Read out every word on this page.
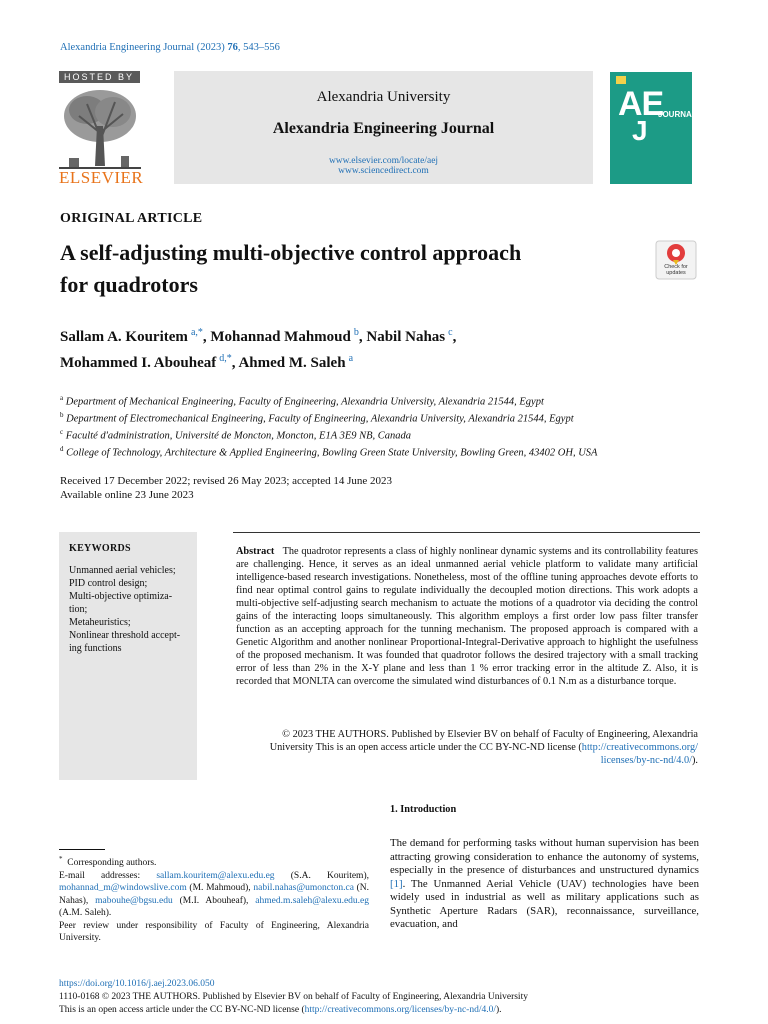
Alexandria Engineering Journal (2023) 76, 543–556
HOSTED BY
ELSEVIER
Alexandria University
Alexandria Engineering Journal
www.elsevier.com/locate/aej
www.sciencedirect.com
AE
J
JOURNAL
ORIGINAL ARTICLE
A self-adjusting multi-objective control approach
for quadrotors
Check for
updates
Sallam A. Kouritem  $^{a,*}$, Mohannad Mahmoud  $^b$, Nabil Nahas  $^c$,
Mohammed I. Abouheaf  $^{d,*}$, Ahmed M. Saleh  $^a$
$^a$ Department of Mechanical Engineering, Faculty of Engineering, Alexandria University, Alexandria 21544, Egypt
$^b$ Department of Electromechanical Engineering, Faculty of Engineering, Alexandria University, Alexandria 21544, Egypt
$^c$ Faculté d'administration, Université de Moncton, Moncton, E1A 3E9 NB, Canada
$^d$ College of Technology, Architecture & Applied Engineering, Bowling Green State University, Bowling Green, 43402 OH, USA
Received 17 December 2022; revised 26 May 2023; accepted 14 June 2023
Available online 23 June 2023
KEYWORDS
Unmanned aerial vehicles;
PID control design;
Multi-objective optimiza-
tion;
Metaheuristics;
Nonlinear threshold accept-
ing functions
Abstract The quadrotor represents a class of highly nonlinear dynamic systems and its controllability features are challenging. Hence, it serves as an ideal unmanned aerial vehicle platform to validate many artificial intelligence-based research investigations. Nonetheless, most of the offline tuning approaches devote efforts to find near optimal control gains to regulate individually the decoupled motion directions. This work adopts a multi-objective self-adjusting search mechanism to actuate the motions of a quadrotor via deciding the control gains of the interacting loops simultaneously. This algorithm employs a first order low pass filter transfer function as an accepting approach for the tunning mechanism. The proposed approach is compared with a Genetic Algorithm and another nonlinear Proportional-Integral-Derivative approach to highlight the usefulness of the proposed mechanism. It was founded that quadrotor follows the desired trajectory with a small tracking error of less than 2% in the X-Y plane and less than 1 % error tracking error in the altitude Z. Also, it is recorded that MONLTA can overcome the simulated wind disturbances of 0.1 N.m as a disturbance torque.
© 2023 THE AUTHORS. Published by Elsevier BV on behalf of Faculty of Engineering, Alexandria
University This is an open access article under the CC BY-NC-ND license (http://creativecommons.org/
licenses/by-nc-nd/4.0/).
1. Introduction
The demand for performing tasks without human supervision has been attracting growing consideration to enhance the autonomy of systems, especially in the presence of disturbances and unstructured dynamics [1]. The Unmanned Aerial Vehicle (UAV) technologies have been widely used in industrial as well as military applications such as Synthetic Aperture Radars (SAR), reconnaissance, surveillance, evacuation, and
* Corresponding authors.
E-mail addresses: sallam.kouritem@alexu.edu.eg (S.A. Kouritem), mohannad_m@windowslive.com (M. Mahmoud), nabil.nahas@umoncton.ca (N. Nahas), mabouhe@bgsu.edu (M.I. Abouheaf), ahmed.m.saleh@alexu.edu.eg (A.M. Saleh).
Peer review under responsibility of Faculty of Engineering, Alexandria University.
https://doi.org/10.1016/j.aej.2023.06.050
1110-0168 © 2023 THE AUTHORS. Published by Elsevier BV on behalf of Faculty of Engineering, Alexandria University
This is an open access article under the CC BY-NC-ND license (http://creativecommons.org/licenses/by-nc-nd/4.0/).
